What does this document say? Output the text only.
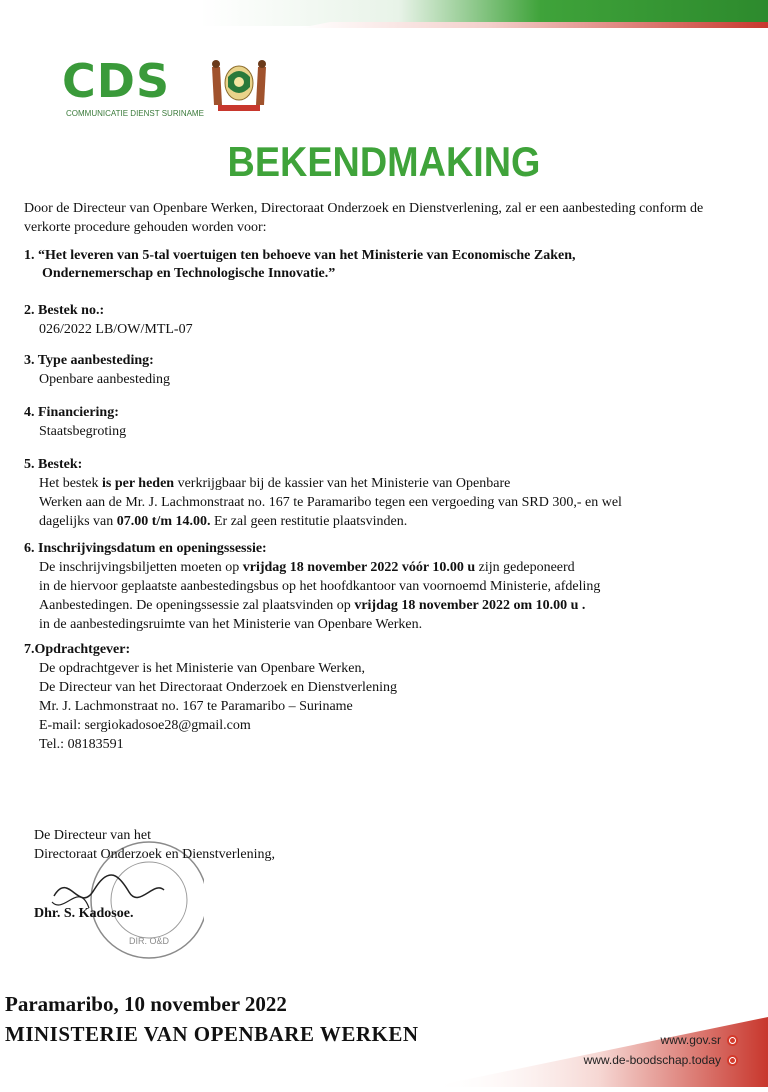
CDS
COMMUNICATIE DIENST SURINAME
BEKENDMAKING
Door de Directeur van Openbare Werken, Directoraat Onderzoek en Dienstverlening, zal er een aanbesteding conform de verkorte procedure gehouden worden voor:
1. “Het leveren van 5-tal voertuigen ten behoeve van het Ministerie van Economische Zaken,
Ondernemerschap en Technologische Innovatie.”
2. Bestek no.:
026/2022 LB/OW/MTL-07
3. Type aanbesteding:
Openbare aanbesteding
4. Financiering:
Staatsbegroting
5. Bestek:
Het bestek is per heden verkrijgbaar bij de kassier van het Ministerie van Openbare
Werken aan de Mr. J. Lachmonstraat no. 167 te Paramaribo tegen een vergoeding van SRD 300,- en wel
dagelijks van 07.00 t/m 14.00. Er zal geen restitutie plaatsvinden.
6. Inschrijvingsdatum en openingssessie:
De inschrijvingsbiljetten moeten op vrijdag 18 november 2022 vóór 10.00 u zijn gedeponeerd
in de hiervoor geplaatste aanbestedingsbus op het hoofdkantoor van voornoemd Ministerie, afdeling
Aanbestedingen. De openingssessie zal plaatsvinden op vrijdag 18 november 2022 om 10.00 u .
in de aanbestedingsruimte van het Ministerie van Openbare Werken.
7.Opdrachtgever:
De opdrachtgever is het Ministerie van Openbare Werken,
De Directeur van het Directoraat Onderzoek en Dienstverlening
Mr. J. Lachmonstraat no. 167 te Paramaribo – Suriname
E-mail: sergiokadosoe28@gmail.com
Tel.: 08183591
DIR. O&D
De Directeur van het
Directoraat Onderzoek en Dienstverlening,
Dhr. S. Kadosoe.
Paramaribo, 10 november 2022
MINISTERIE VAN OPENBARE WERKEN	www.gov.sr
www.de-boodschap.today
